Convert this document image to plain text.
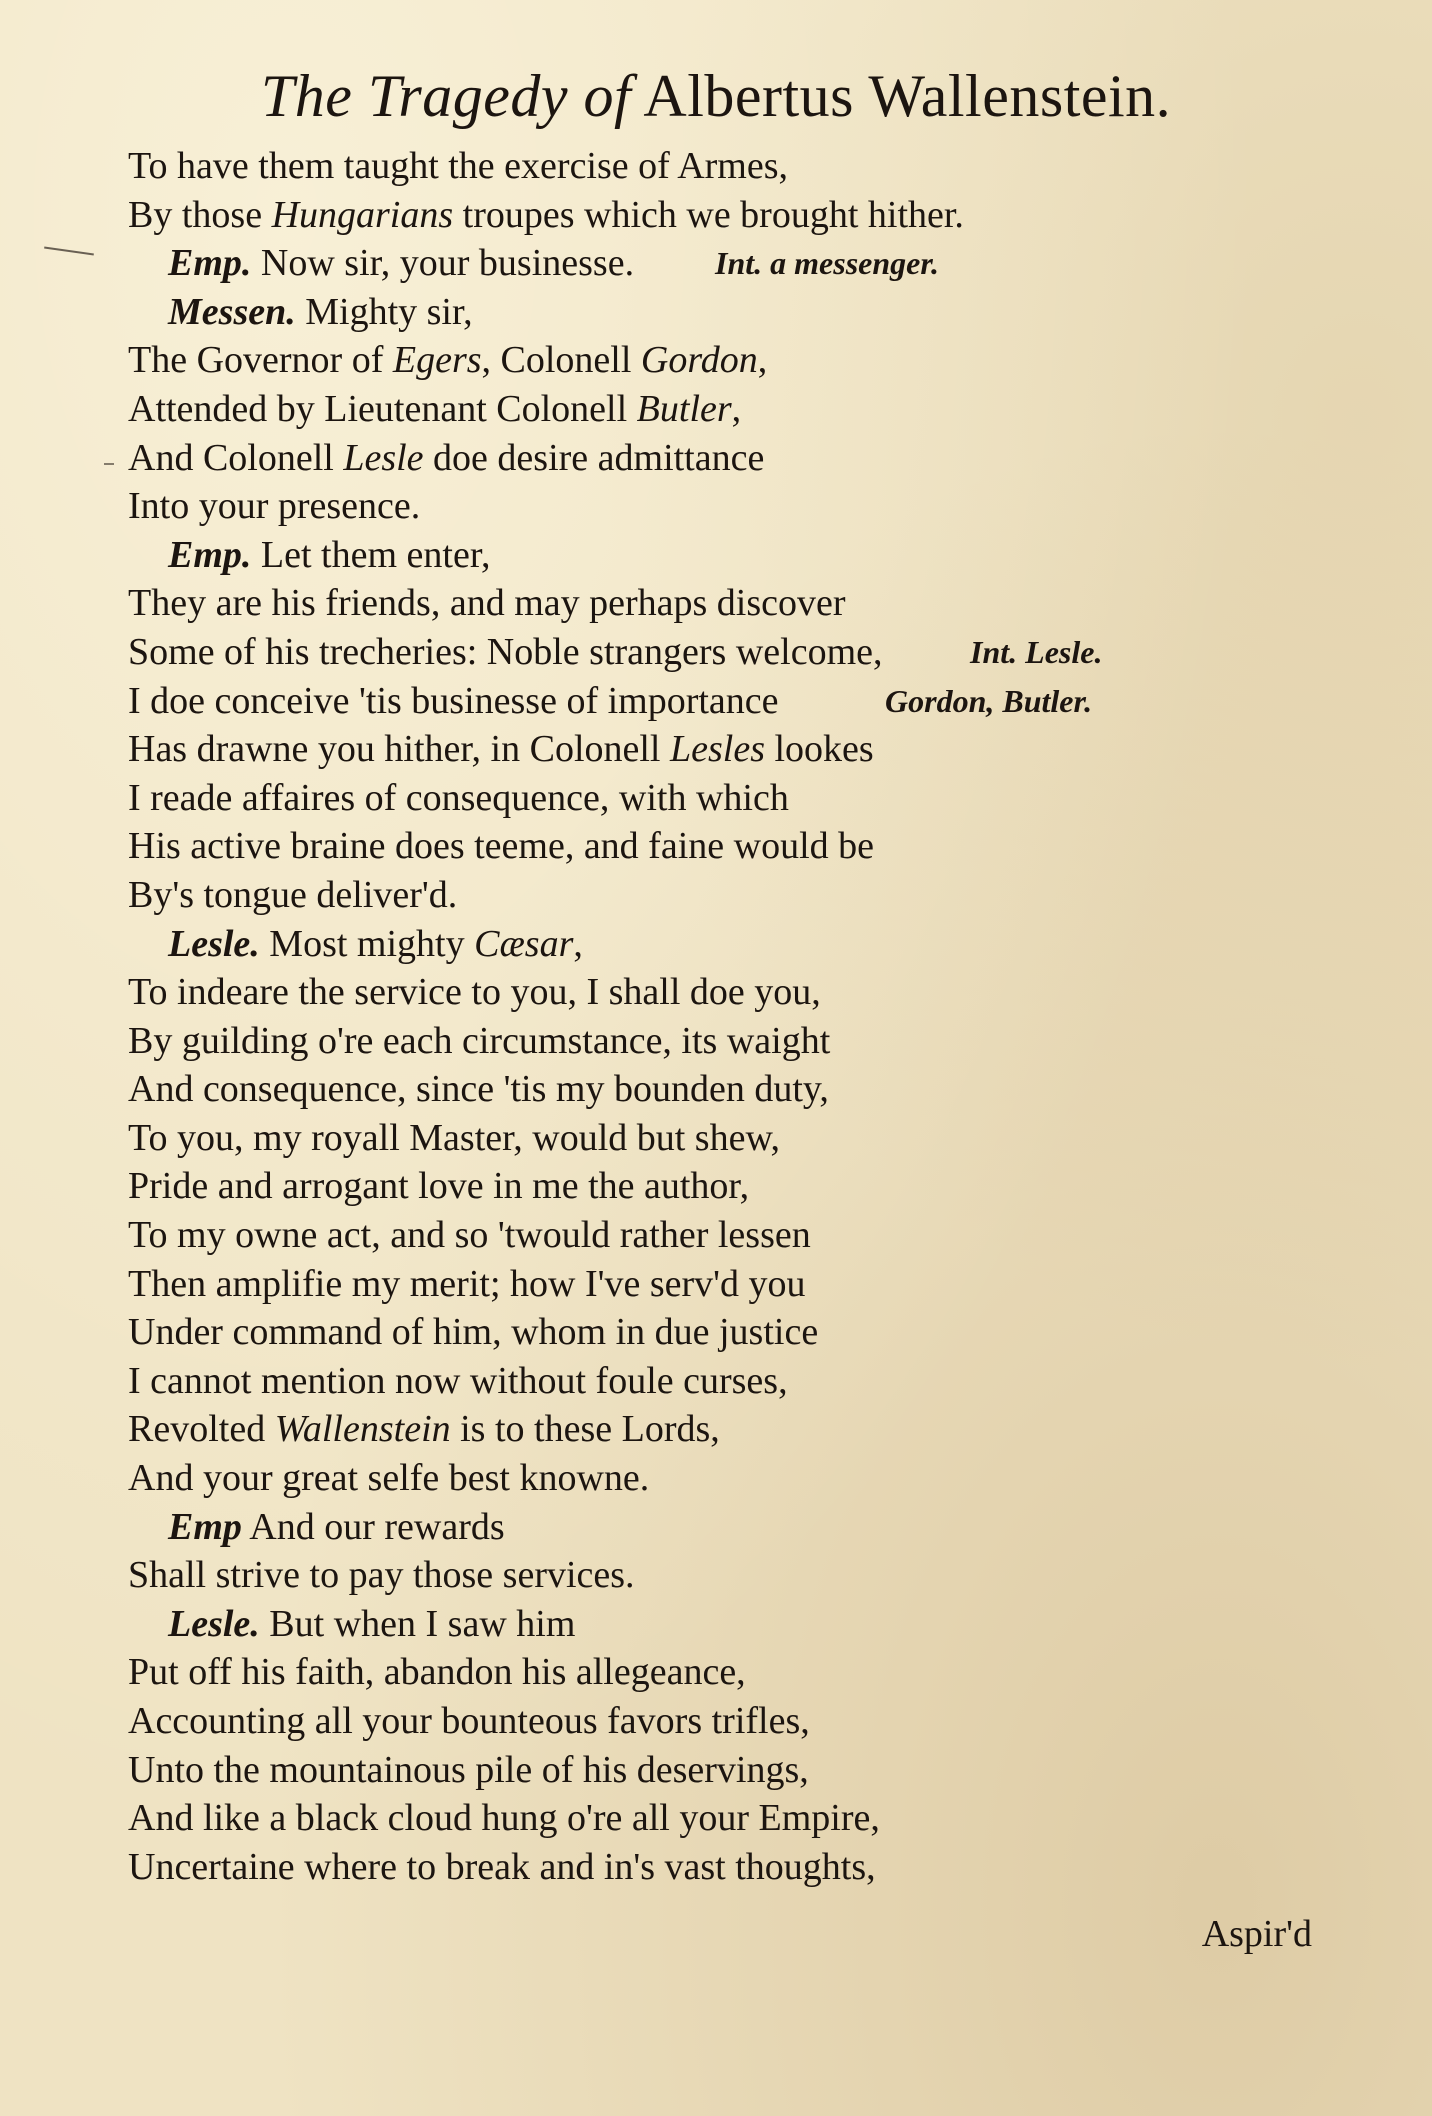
The Tragedy of Albertus Wallenstein.
To have them taught the exercise of Armes,
By those Hungarians troupes which we brought hither.
Emp. Now sir, your businesse.	Int. a messenger.
Messen. Mighty sir,
The Governor of Egers, Colonell Gordon,
Attended by Lieutenant Colonell Butler,
And Colonell Lesle doe desire admittance
Into your presence.
Emp. Let them enter,
They are his friends, and may perhaps discover
Some of his trecheries: Noble strangers welcome,	Int. Lesle.
I doe conceive 'tis businesse of importance	Gordon, Butler.
Has drawne you hither, in Colonell Lesles lookes
I reade affaires of consequence, with which
His active braine does teeme, and faine would be
By's tongue deliver'd.
Lesle. Most mighty Cæsar,
To indeare the service to you, I shall doe you,
By guilding o're each circumstance, its waight
And consequence, since 'tis my bounden duty,
To you, my royall Master, would but shew,
Pride and arrogant love in me the author,
To my owne act, and so 'twould rather lessen
Then amplifie my merit; how I've serv'd you
Under command of him, whom in due justice
I cannot mention now without foule curses,
Revolted Wallenstein is to these Lords,
And your great selfe best knowne.
Emp And our rewards
Shall strive to pay those services.
Lesle. But when I saw him
Put off his faith, abandon his allegeance,
Accounting all your bounteous favors trifles,
Unto the mountainous pile of his deservings,
And like a black cloud hung o're all your Empire,
Uncertaine where to break and in's vast thoughts,
Aspir'd
